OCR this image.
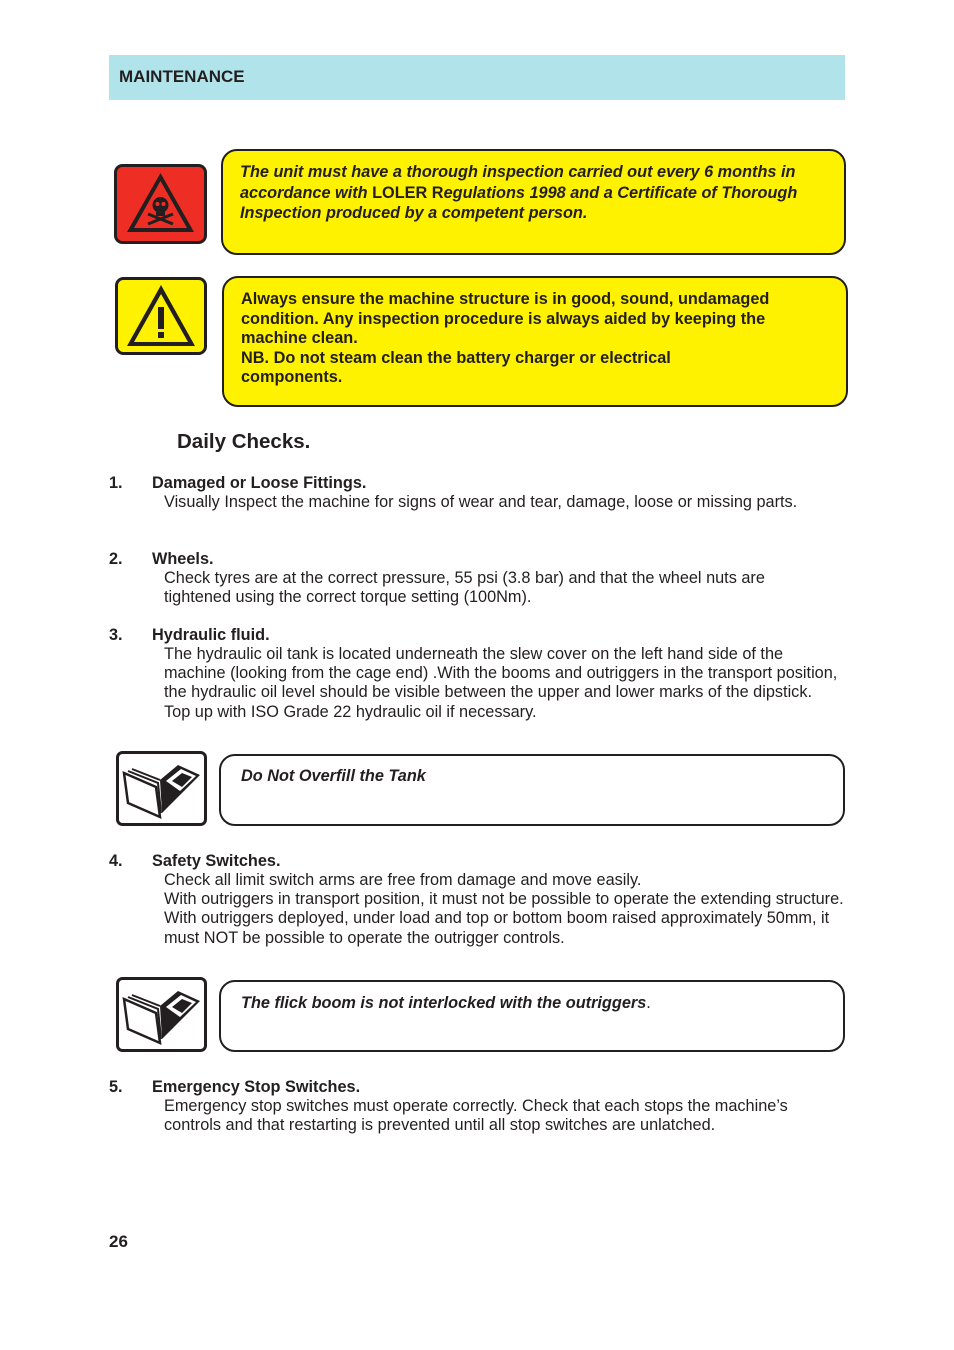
MAINTENANCE
The unit must have a thorough inspection carried out every 6 months in accordance with LOLER Regulations 1998 and a Certificate of Thorough Inspection produced by a competent person.
Always ensure the machine structure is in good, sound, undamaged
condition. Any inspection procedure is always aided by keeping the
machine clean.
NB. Do not steam clean the battery charger or electrical
components.
Daily Checks.
1. Damaged or Loose Fittings.

Visually Inspect the machine for signs of wear and tear, damage, loose or missing parts.

2. Wheels.

Check tyres are at the correct pressure, 55 psi (3.8 bar) and that the wheel nuts are tightened using the correct torque setting (100Nm).

3. Hydraulic fluid.

The hydraulic oil tank is located underneath the slew cover on the left hand side of the machine (looking from the cage end) .With the booms and outriggers in the transport position, the hydraulic oil level should be visible between the upper and lower marks of the dipstick.

Top up with ISO Grade 22 hydraulic oil if necessary.

Do Not Overfill the Tank
4. Safety Switches.

Check all limit switch arms are free from damage and move easily.

With outriggers in transport position, it must not be possible to operate the extending structure.

With outriggers deployed, under load and top or bottom boom raised approximately 50mm, it must NOT be possible to operate the outrigger controls.

The flick boom is not interlocked with the outriggers.
5. Emergency Stop Switches.

Emergency stop switches must operate correctly. Check that each stops the machine’s controls and that restarting is prevented until all stop switches are unlatched.

26
